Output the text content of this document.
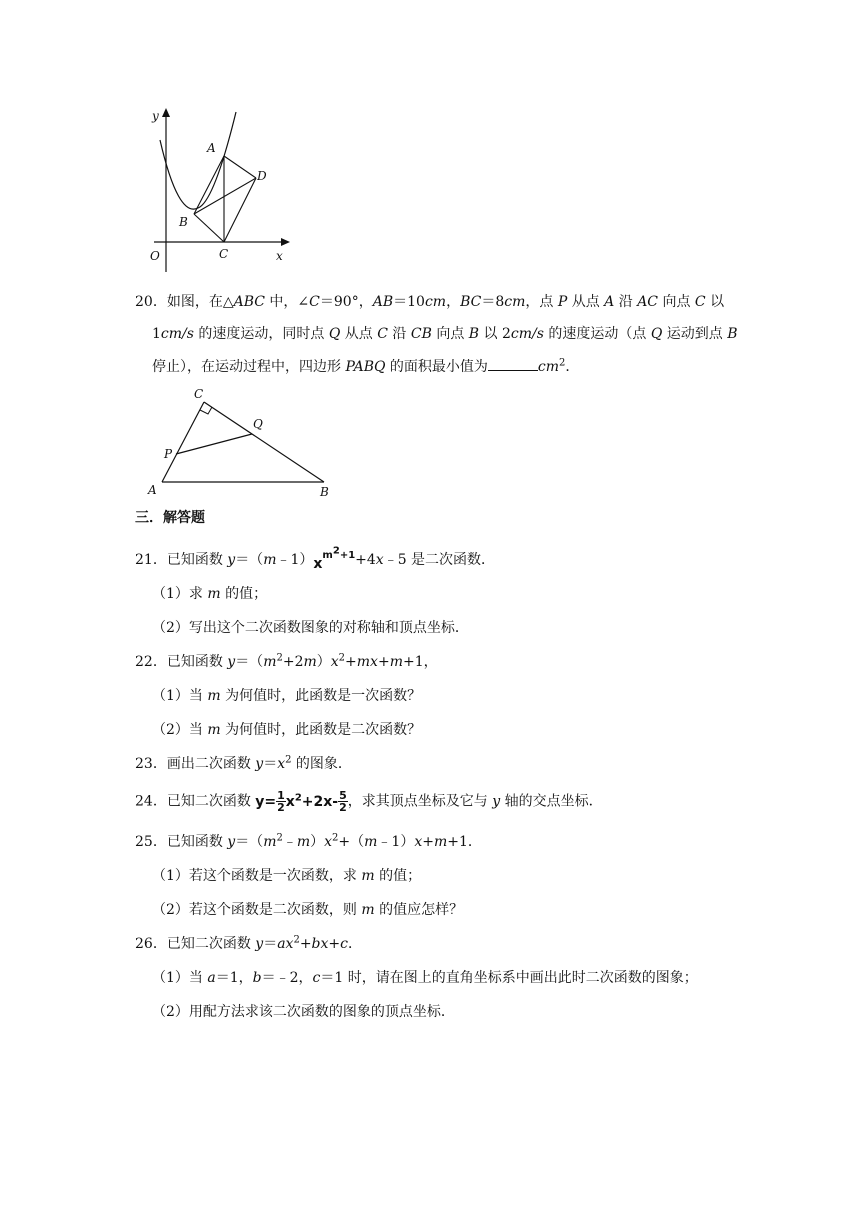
y
x
O
A
B
C
D
20．如图，在△ABC 中，∠C＝90°，AB＝10cm，BC＝8cm，点 P 从点 A 沿 AC 向点 C 以
1cm/s 的速度运动，同时点 Q 从点 C 沿 CB 向点 B 以 2cm/s 的速度运动（点 Q 运动到点 B
停止），在运动过程中，四边形 PABQ 的面积最小值为	$cm^2$．
C
Q
P
A	B
三．解答题
21．已知函数 $y=(m﹣1)x^{m^2+1}+4x﹣5$ 是二次函数．
（1）求 m 的值；
（2）写出这个二次函数图象的对称轴和顶点坐标．
22．已知函数 $y=(m^2+2m)x^2+mx+m+1$，
（1）当 m 为何值时，此函数是一次函数？
（2）当 m 为何值时，此函数是二次函数？
23．画出二次函数 $y=x^2$ 的图象．
24．已知二次函数 $y= \frac{1}{2} x^2+2x- \frac{5}{2}$ ，求其顶点坐标及它与 y 轴的交点坐标．
25．已知函数 $y=(m^2﹣m)x^2+(m﹣1)x+m+1$．
（1）若这个函数是一次函数，求 m 的值；
（2）若这个函数是二次函数，则 m 的值应怎样？
26．已知二次函数 $y=ax^2+bx+c$．
（1）当 a＝1，b＝﹣2，c＝1 时，请在图上的直角坐标系中画出此时二次函数的图象；
（2）用配方法求该二次函数的图象的顶点坐标．
